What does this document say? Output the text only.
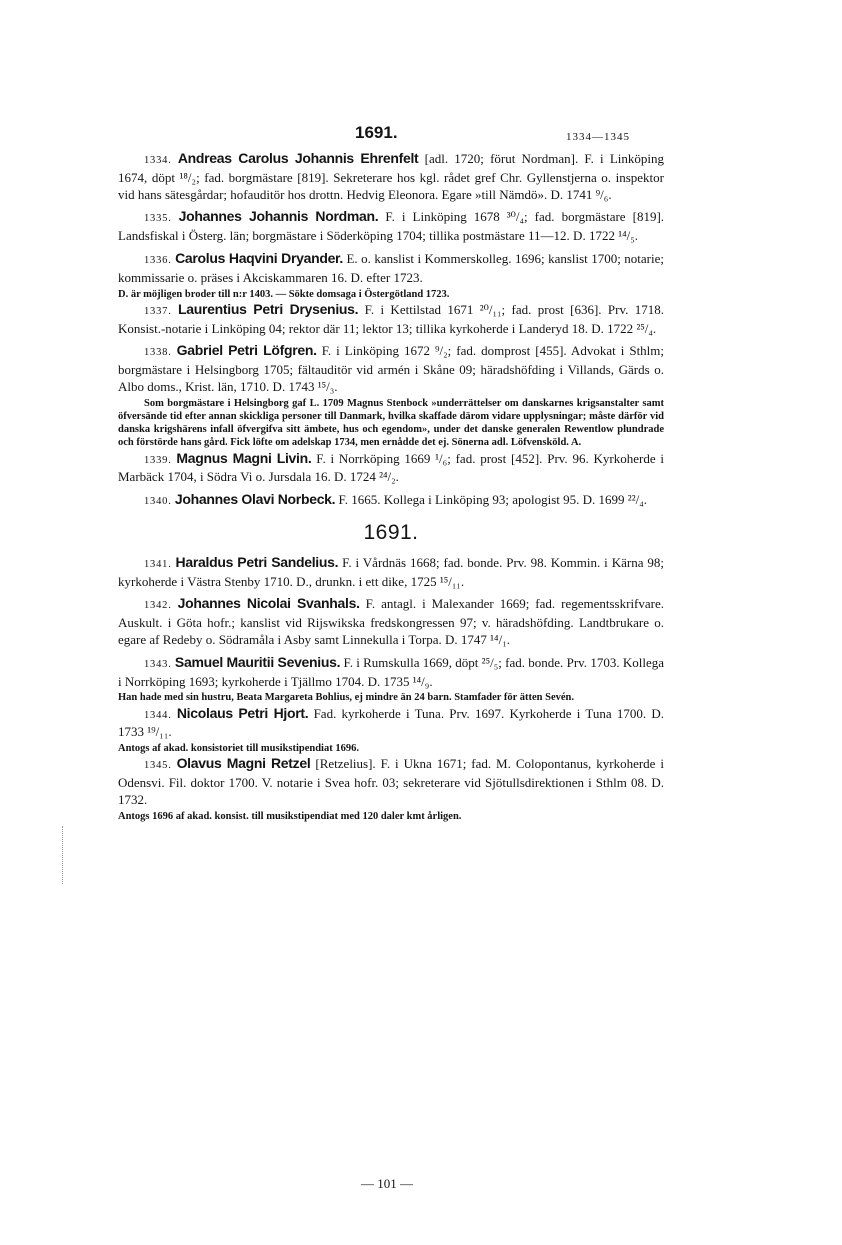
1691.	1334—1345

1334. Andreas Carolus Johannis Ehrenfelt [adl. 1720; förut Nordman]. F. i Linköping 1674, döpt ¹⁸/₂; fad. borgmästare [819]. Sekreterare hos kgl. rådet gref Chr. Gyllenstjerna o. inspektor vid hans sätesgårdar; hofauditör hos drottn. Hedvig Eleonora. Egare »till Nämdö». D. 1741 ⁹/₆.

1335. Johannes Johannis Nordman. F. i Linköping 1678 ³⁰/₄; fad. borgmästare [819]. Landsfiskal i Österg. län; borgmästare i Söderköping 1704; tillika postmästare 11—12. D. 1722 ¹⁴/₅.

1336. Carolus Haqvini Dryander. E. o. kanslist i Kommerskolleg. 1696; kanslist 1700; notarie; kommissarie o. präses i Akciskammaren 16. D. efter 1723.

D. är möjligen broder till n:r 1403. — Sökte domsaga i Östergötland 1723.

1337. Laurentius Petri Drysenius. F. i Kettilstad 1671 ²⁰/₁₁; fad. prost [636]. Prv. 1718. Konsist.-notarie i Linköping 04; rektor där 11; lektor 13; tillika kyrkoherde i Landeryd 18. D. 1722 ²⁵/₄.

1338. Gabriel Petri Löfgren. F. i Linköping 1672 ⁹/₂; fad. domprost [455]. Advokat i Sthlm; borgmästare i Helsingborg 1705; fältauditör vid armén i Skåne 09; häradshöfding i Villands, Gärds o. Albo doms., Krist. län, 1710. D. 1743 ¹⁵/₃.

Som borgmästare i Helsingborg gaf L. 1709 Magnus Stenbock »underrättelser om danskarnes krigsanstalter samt öfversände tid efter annan skickliga personer till Danmark, hvilka skaffade därom vidare upplysningar; måste därför vid danska krigshärens infall öfvergifva sitt ämbete, hus och egendom», under det danske generalen Rewentlow plundrade och förstörde hans gård. Fick löfte om adelskap 1734, men ernådde det ej. Sönerna adl. Löfvensköld. A.

1339. Magnus Magni Livin. F. i Norrköping 1669 ¹/₆; fad. prost [452]. Prv. 96. Kyrkoherde i Marbäck 1704, i Södra Vi o. Jursdala 16. D. 1724 ²⁴/₂.

1340. Johannes Olavi Norbeck. F. 1665. Kollega i Linköping 93; apologist 95. D. 1699 ²²/₄.

1691.

1341. Haraldus Petri Sandelius. F. i Vårdnäs 1668; fad. bonde. Prv. 98. Kommin. i Kärna 98; kyrkoherde i Västra Stenby 1710. D., drunkn. i ett dike, 1725 ¹⁵/₁₁.

1342. Johannes Nicolai Svanhals. F. antagl. i Malexander 1669; fad. regementsskrifvare. Auskult. i Göta hofr.; kanslist vid Rijswikska fredskongressen 97; v. häradshöfding. Landtbrukare o. egare af Redeby o. Södramåla i Asby samt Linnekulla i Torpa. D. 1747 ¹⁴/₁.

1343. Samuel Mauritii Sevenius. F. i Rumskulla 1669, döpt ²⁵/₅; fad. bonde. Prv. 1703. Kollega i Norrköping 1693; kyrkoherde i Tjällmo 1704. D. 1735 ¹⁴/₉.

Han hade med sin hustru, Beata Margareta Bohlius, ej mindre än 24 barn. Stamfader för ätten Sevén.

1344. Nicolaus Petri Hjort. Fad. kyrkoherde i Tuna. Prv. 1697. Kyrkoherde i Tuna 1700. D. 1733 ¹⁹/₁₁.

Antogs af akad. konsistoriet till musikstipendiat 1696.

1345. Olavus Magni Retzel [Retzelius]. F. i Ukna 1671; fad. M. Colopontanus, kyrkoherde i Odensvi. Fil. doktor 1700. V. notarie i Svea hofr. 03; sekreterare vid Sjötullsdirektionen i Sthlm 08. D. 1732.

Antogs 1696 af akad. konsist. till musikstipendiat med 120 daler kmt årligen.

— 101 —
